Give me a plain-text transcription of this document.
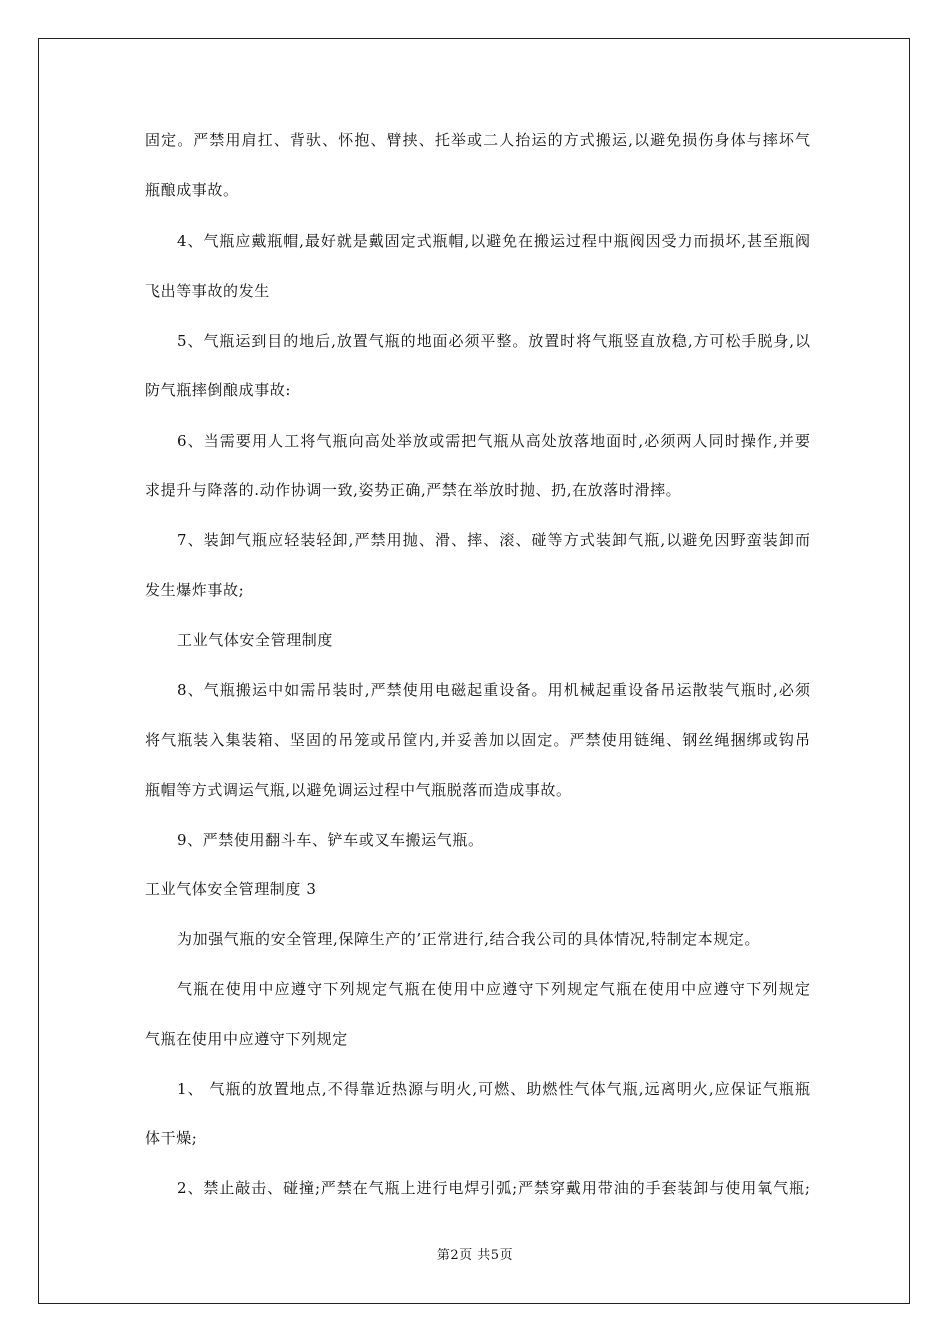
固定。严禁用肩扛、背驮、怀抱、臂挟、托举或二人抬运的方式搬运,以避免损伤身体与摔坏气
瓶酿成事故。
4、气瓶应戴瓶帽,最好就是戴固定式瓶帽,以避免在搬运过程中瓶阀因受力而损坏,甚至瓶阀
飞出等事故的发生
5、气瓶运到目的地后,放置气瓶的地面必须平整。放置时将气瓶竖直放稳,方可松手脱身,以
防气瓶摔倒酿成事故:
6、当需要用人工将气瓶向高处举放或需把气瓶从高处放落地面时,必须两人同时操作,并要
求提升与降落的.动作协调一致,姿势正确,严禁在举放时抛、扔,在放落时滑摔。
7、装卸气瓶应轻装轻卸,严禁用抛、滑、摔、滚、碰等方式装卸气瓶,以避免因野蛮装卸而
发生爆炸事故;
工业气体安全管理制度
8、气瓶搬运中如需吊装时,严禁使用电磁起重设备。用机械起重设备吊运散装气瓶时,必须
将气瓶装入集装箱、坚固的吊笼或吊筐内,并妥善加以固定。严禁使用链绳、钢丝绳捆绑或钩吊
瓶帽等方式调运气瓶,以避免调运过程中气瓶脱落而造成事故。
9、严禁使用翻斗车、铲车或叉车搬运气瓶。
工业气体安全管理制度 3
为加强气瓶的安全管理,保障生产的’正常进行,结合我公司的具体情况,特制定本规定。
气瓶在使用中应遵守下列规定气瓶在使用中应遵守下列规定气瓶在使用中应遵守下列规定
气瓶在使用中应遵守下列规定
1、 气瓶的放置地点,不得靠近热源与明火,可燃、助燃性气体气瓶,远离明火,应保证气瓶瓶
体干燥;
2、禁止敲击、碰撞;严禁在气瓶上进行电焊引弧;严禁穿戴用带油的手套装卸与使用氧气瓶;
第2页 共5页
